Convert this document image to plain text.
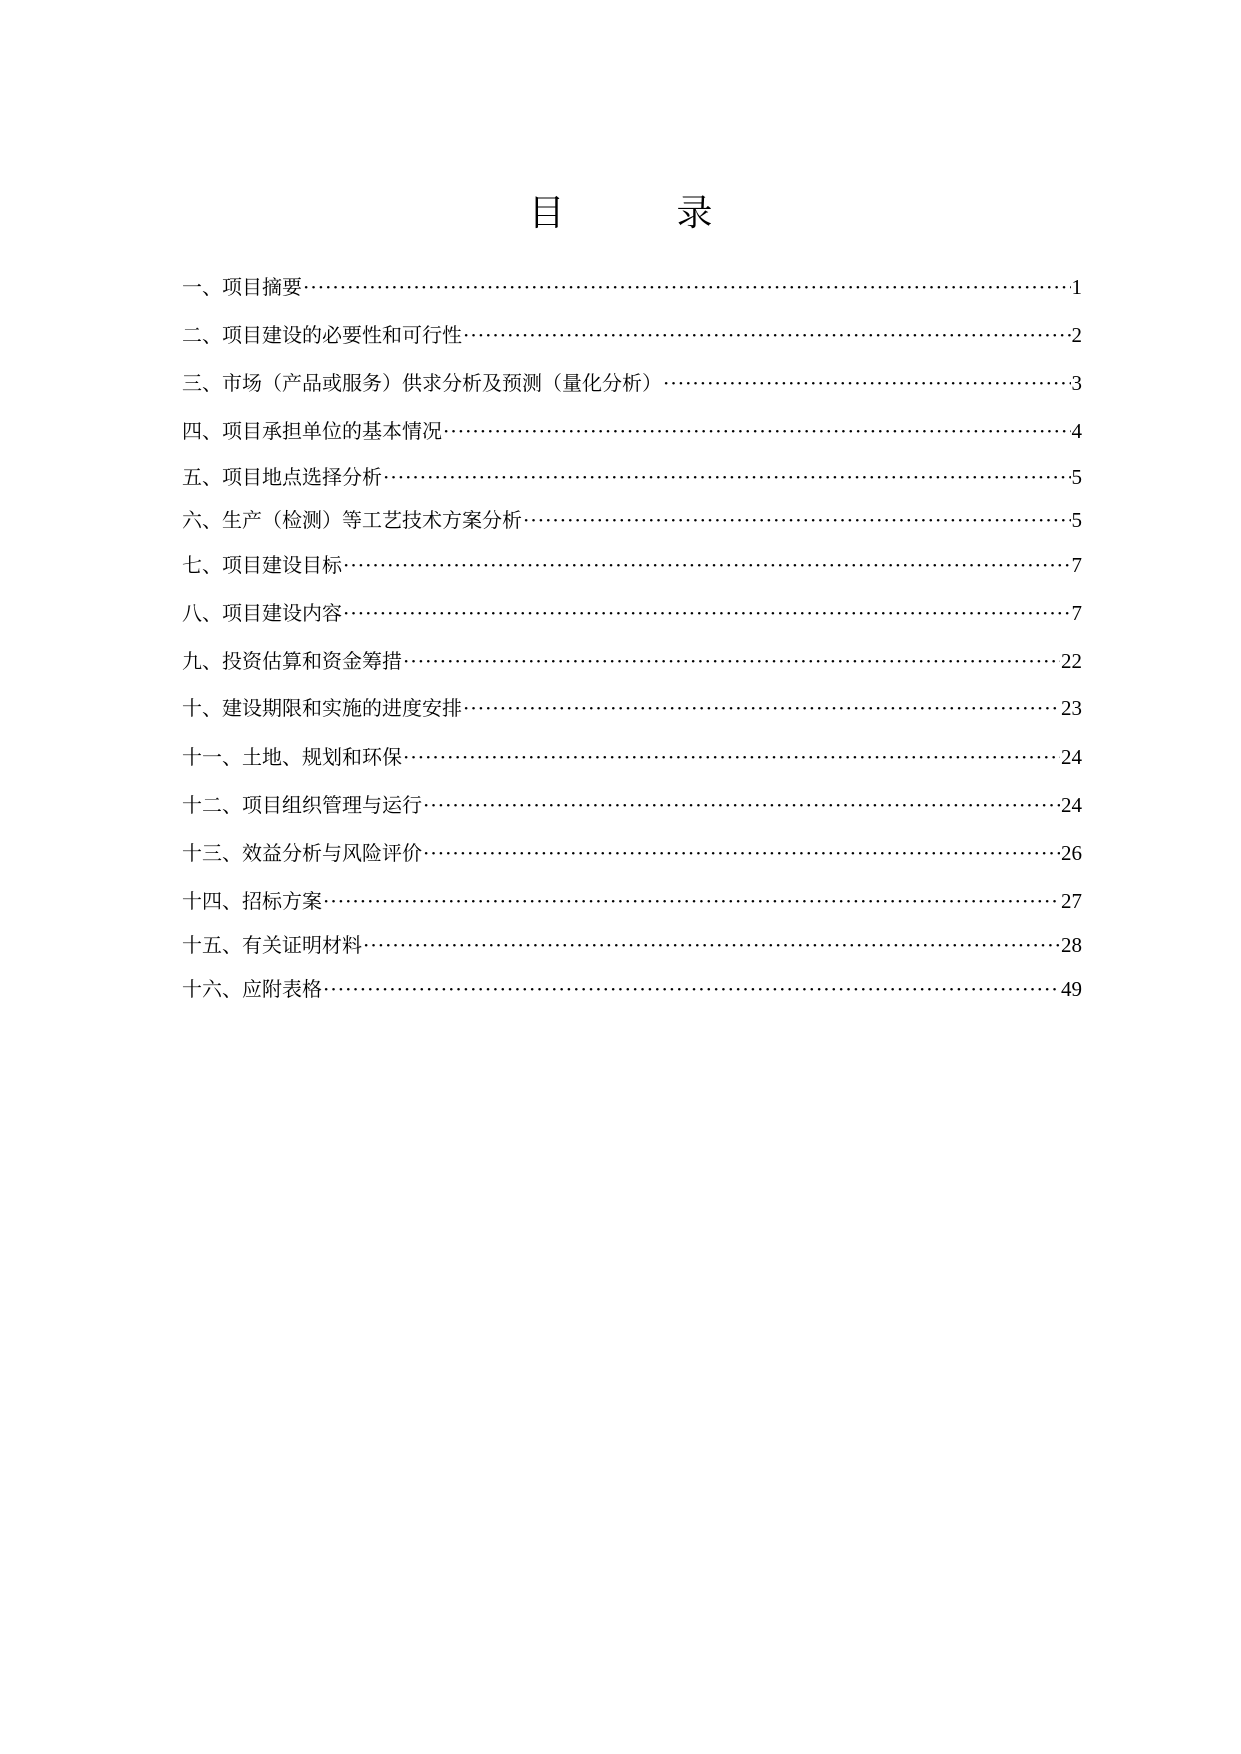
目　录
一、项目摘要 ·····	1
二、项目建设的必要性和可行性 ·····	2
三、市场（产品或服务）供求分析及预测（量化分析） ·····	3
四、项目承担单位的基本情况 ·····	4
五、项目地点选择分析 ·····	5
六、生产（检测）等工艺技术方案分析 ·····	5
七、项目建设目标 ·····	7
八、项目建设内容 ·····	7
九、投资估算和资金筹措 ·····	22
十、建设期限和实施的进度安排 ·····	23
十一、土地、规划和环保 ·····	24
十二、项目组织管理与运行 ·····	24
十三、效益分析与风险评价 ·····	26
十四、招标方案 ·····	27
十五、有关证明材料 ·····	28
十六、应附表格 ·····	49
